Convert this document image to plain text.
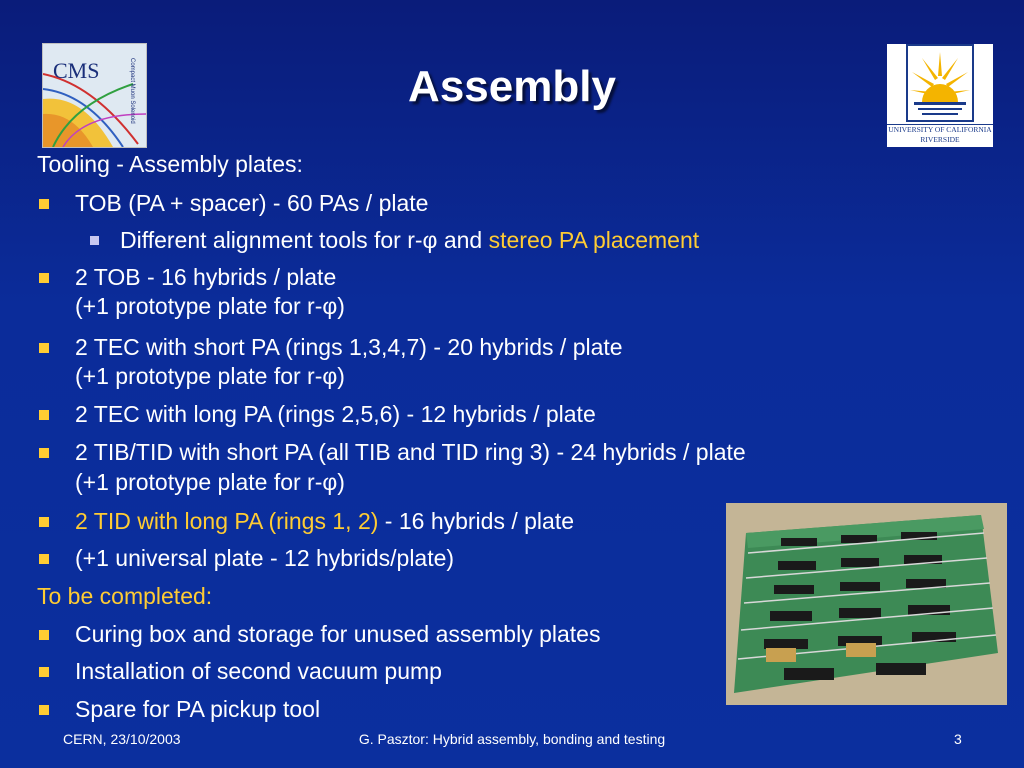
CMS	Compact Muon Solenoid
UNIVERSITY OF CALIFORNIA
RIVERSIDE
Assembly
Tooling - Assembly plates:
TOB (PA + spacer) - 60 PAs / plate
Different alignment tools for r-φ and stereo PA placement
2 TOB - 16 hybrids / plate
(+1 prototype plate for r-φ)
2 TEC with short PA (rings 1,3,4,7) - 20 hybrids / plate
(+1 prototype plate for r-φ)
2 TEC with long PA (rings 2,5,6) - 12 hybrids / plate
2 TIB/TID with short PA (all TIB and TID ring 3) - 24 hybrids / plate
(+1 prototype plate for r-φ)
2 TID with long PA (rings 1, 2) - 16 hybrids / plate
(+1 universal plate - 12 hybrids/plate)
To be completed:
Curing box and storage for unused assembly plates
Installation of second vacuum pump
Spare for PA pickup tool
CERN, 23/10/2003	G. Pasztor: Hybrid assembly, bonding and testing	3
